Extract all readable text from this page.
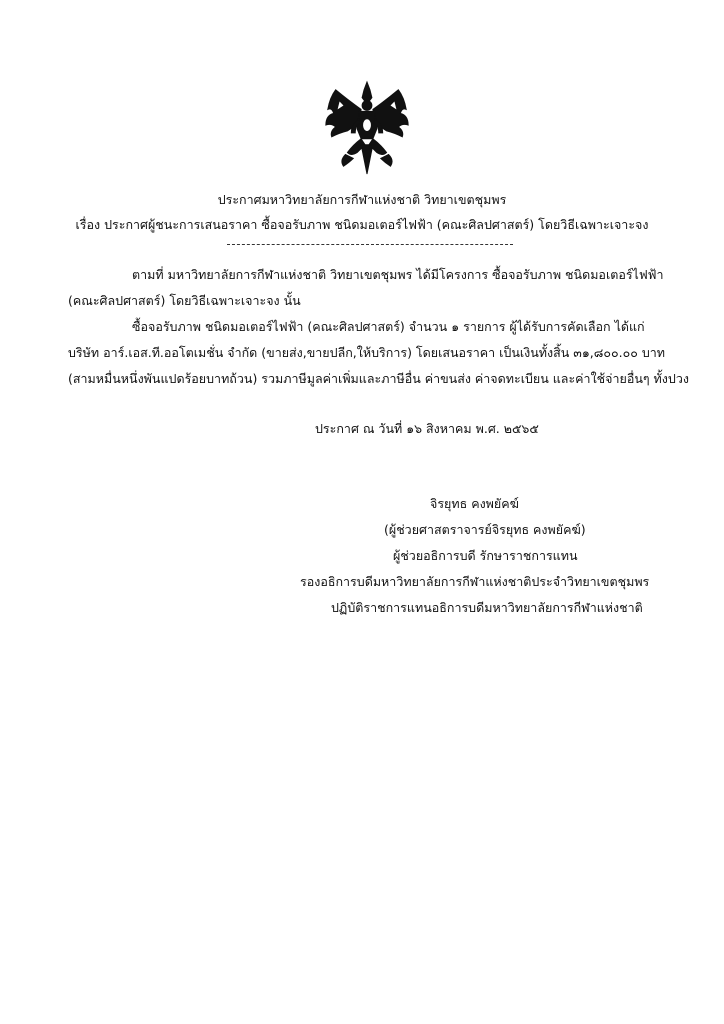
ประกาศมหาวิทยาลัยการกีฬาแห่งชาติ วิทยาเขตชุมพร
เรื่อง ประกาศผู้ชนะการเสนอราคา ซื้อจอรับภาพ ชนิดมอเตอร์ไฟฟ้า (คณะศิลปศาสตร์) โดยวิธีเฉพาะเจาะจง
ตามที่ มหาวิทยาลัยการกีฬาแห่งชาติ วิทยาเขตชุมพร ได้มีโครงการ ซื้อจอรับภาพ ชนิดมอเตอร์ไฟฟ้า
(คณะศิลปศาสตร์) โดยวิธีเฉพาะเจาะจง นั้น
ซื้อจอรับภาพ ชนิดมอเตอร์ไฟฟ้า (คณะศิลปศาสตร์) จำนวน ๑ รายการ ผู้ได้รับการคัดเลือก ได้แก่
บริษัท อาร์.เอส.ที.ออโตเมชั่น จำกัด (ขายส่ง,ขายปลีก,ให้บริการ) โดยเสนอราคา เป็นเงินทั้งสิ้น ๓๑,๘๐๐.๐๐ บาท
(สามหมื่นหนึ่งพันแปดร้อยบาทถ้วน) รวมภาษีมูลค่าเพิ่มและภาษีอื่น ค่าขนส่ง ค่าจดทะเบียน และค่าใช้จ่ายอื่นๆ ทั้งปวง
ประกาศ ณ วันที่ ๑๖ สิงหาคม พ.ศ. ๒๕๖๕
จิรยุทธ คงพยัคฆ์
(ผู้ช่วยศาสตราจารย์จิรยุทธ คงพยัคฆ์)
ผู้ช่วยอธิการบดี รักษาราชการแทน
รองอธิการบดีมหาวิทยาลัยการกีฬาแห่งชาติประจำวิทยาเขตชุมพร
ปฏิบัติราชการแทนอธิการบดีมหาวิทยาลัยการกีฬาแห่งชาติ
